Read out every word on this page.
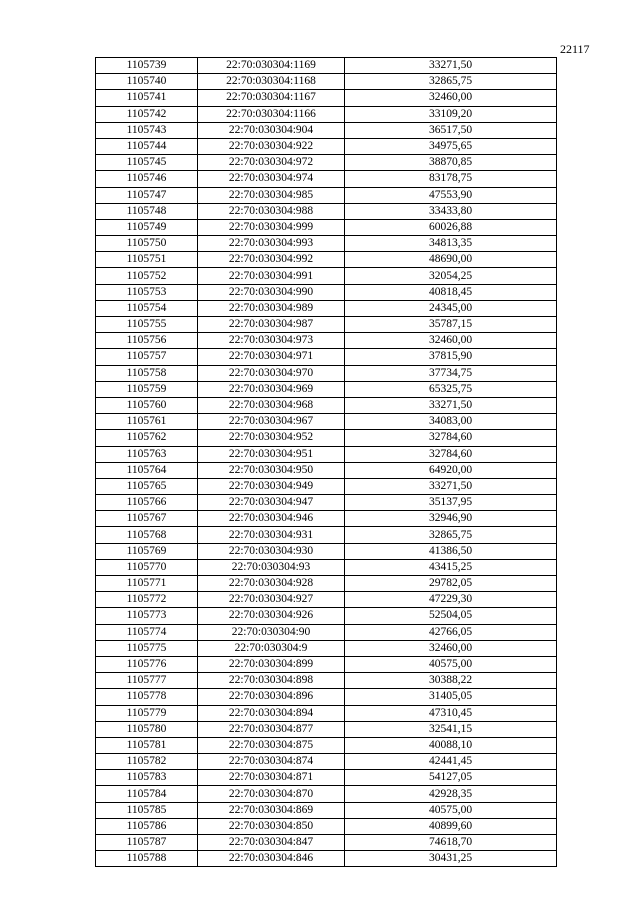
22117
1105739	22:70:030304:1169	33271,50
1105740	22:70:030304:1168	32865,75
1105741	22:70:030304:1167	32460,00
1105742	22:70:030304:1166	33109,20
1105743	22:70:030304:904	36517,50
1105744	22:70:030304:922	34975,65
1105745	22:70:030304:972	38870,85
1105746	22:70:030304:974	83178,75
1105747	22:70:030304:985	47553,90
1105748	22:70:030304:988	33433,80
1105749	22:70:030304:999	60026,88
1105750	22:70:030304:993	34813,35
1105751	22:70:030304:992	48690,00
1105752	22:70:030304:991	32054,25
1105753	22:70:030304:990	40818,45
1105754	22:70:030304:989	24345,00
1105755	22:70:030304:987	35787,15
1105756	22:70:030304:973	32460,00
1105757	22:70:030304:971	37815,90
1105758	22:70:030304:970	37734,75
1105759	22:70:030304:969	65325,75
1105760	22:70:030304:968	33271,50
1105761	22:70:030304:967	34083,00
1105762	22:70:030304:952	32784,60
1105763	22:70:030304:951	32784,60
1105764	22:70:030304:950	64920,00
1105765	22:70:030304:949	33271,50
1105766	22:70:030304:947	35137,95
1105767	22:70:030304:946	32946,90
1105768	22:70:030304:931	32865,75
1105769	22:70:030304:930	41386,50
1105770	22:70:030304:93	43415,25
1105771	22:70:030304:928	29782,05
1105772	22:70:030304:927	47229,30
1105773	22:70:030304:926	52504,05
1105774	22:70:030304:90	42766,05
1105775	22:70:030304:9	32460,00
1105776	22:70:030304:899	40575,00
1105777	22:70:030304:898	30388,22
1105778	22:70:030304:896	31405,05
1105779	22:70:030304:894	47310,45
1105780	22:70:030304:877	32541,15
1105781	22:70:030304:875	40088,10
1105782	22:70:030304:874	42441,45
1105783	22:70:030304:871	54127,05
1105784	22:70:030304:870	42928,35
1105785	22:70:030304:869	40575,00
1105786	22:70:030304:850	40899,60
1105787	22:70:030304:847	74618,70
1105788	22:70:030304:846	30431,25
